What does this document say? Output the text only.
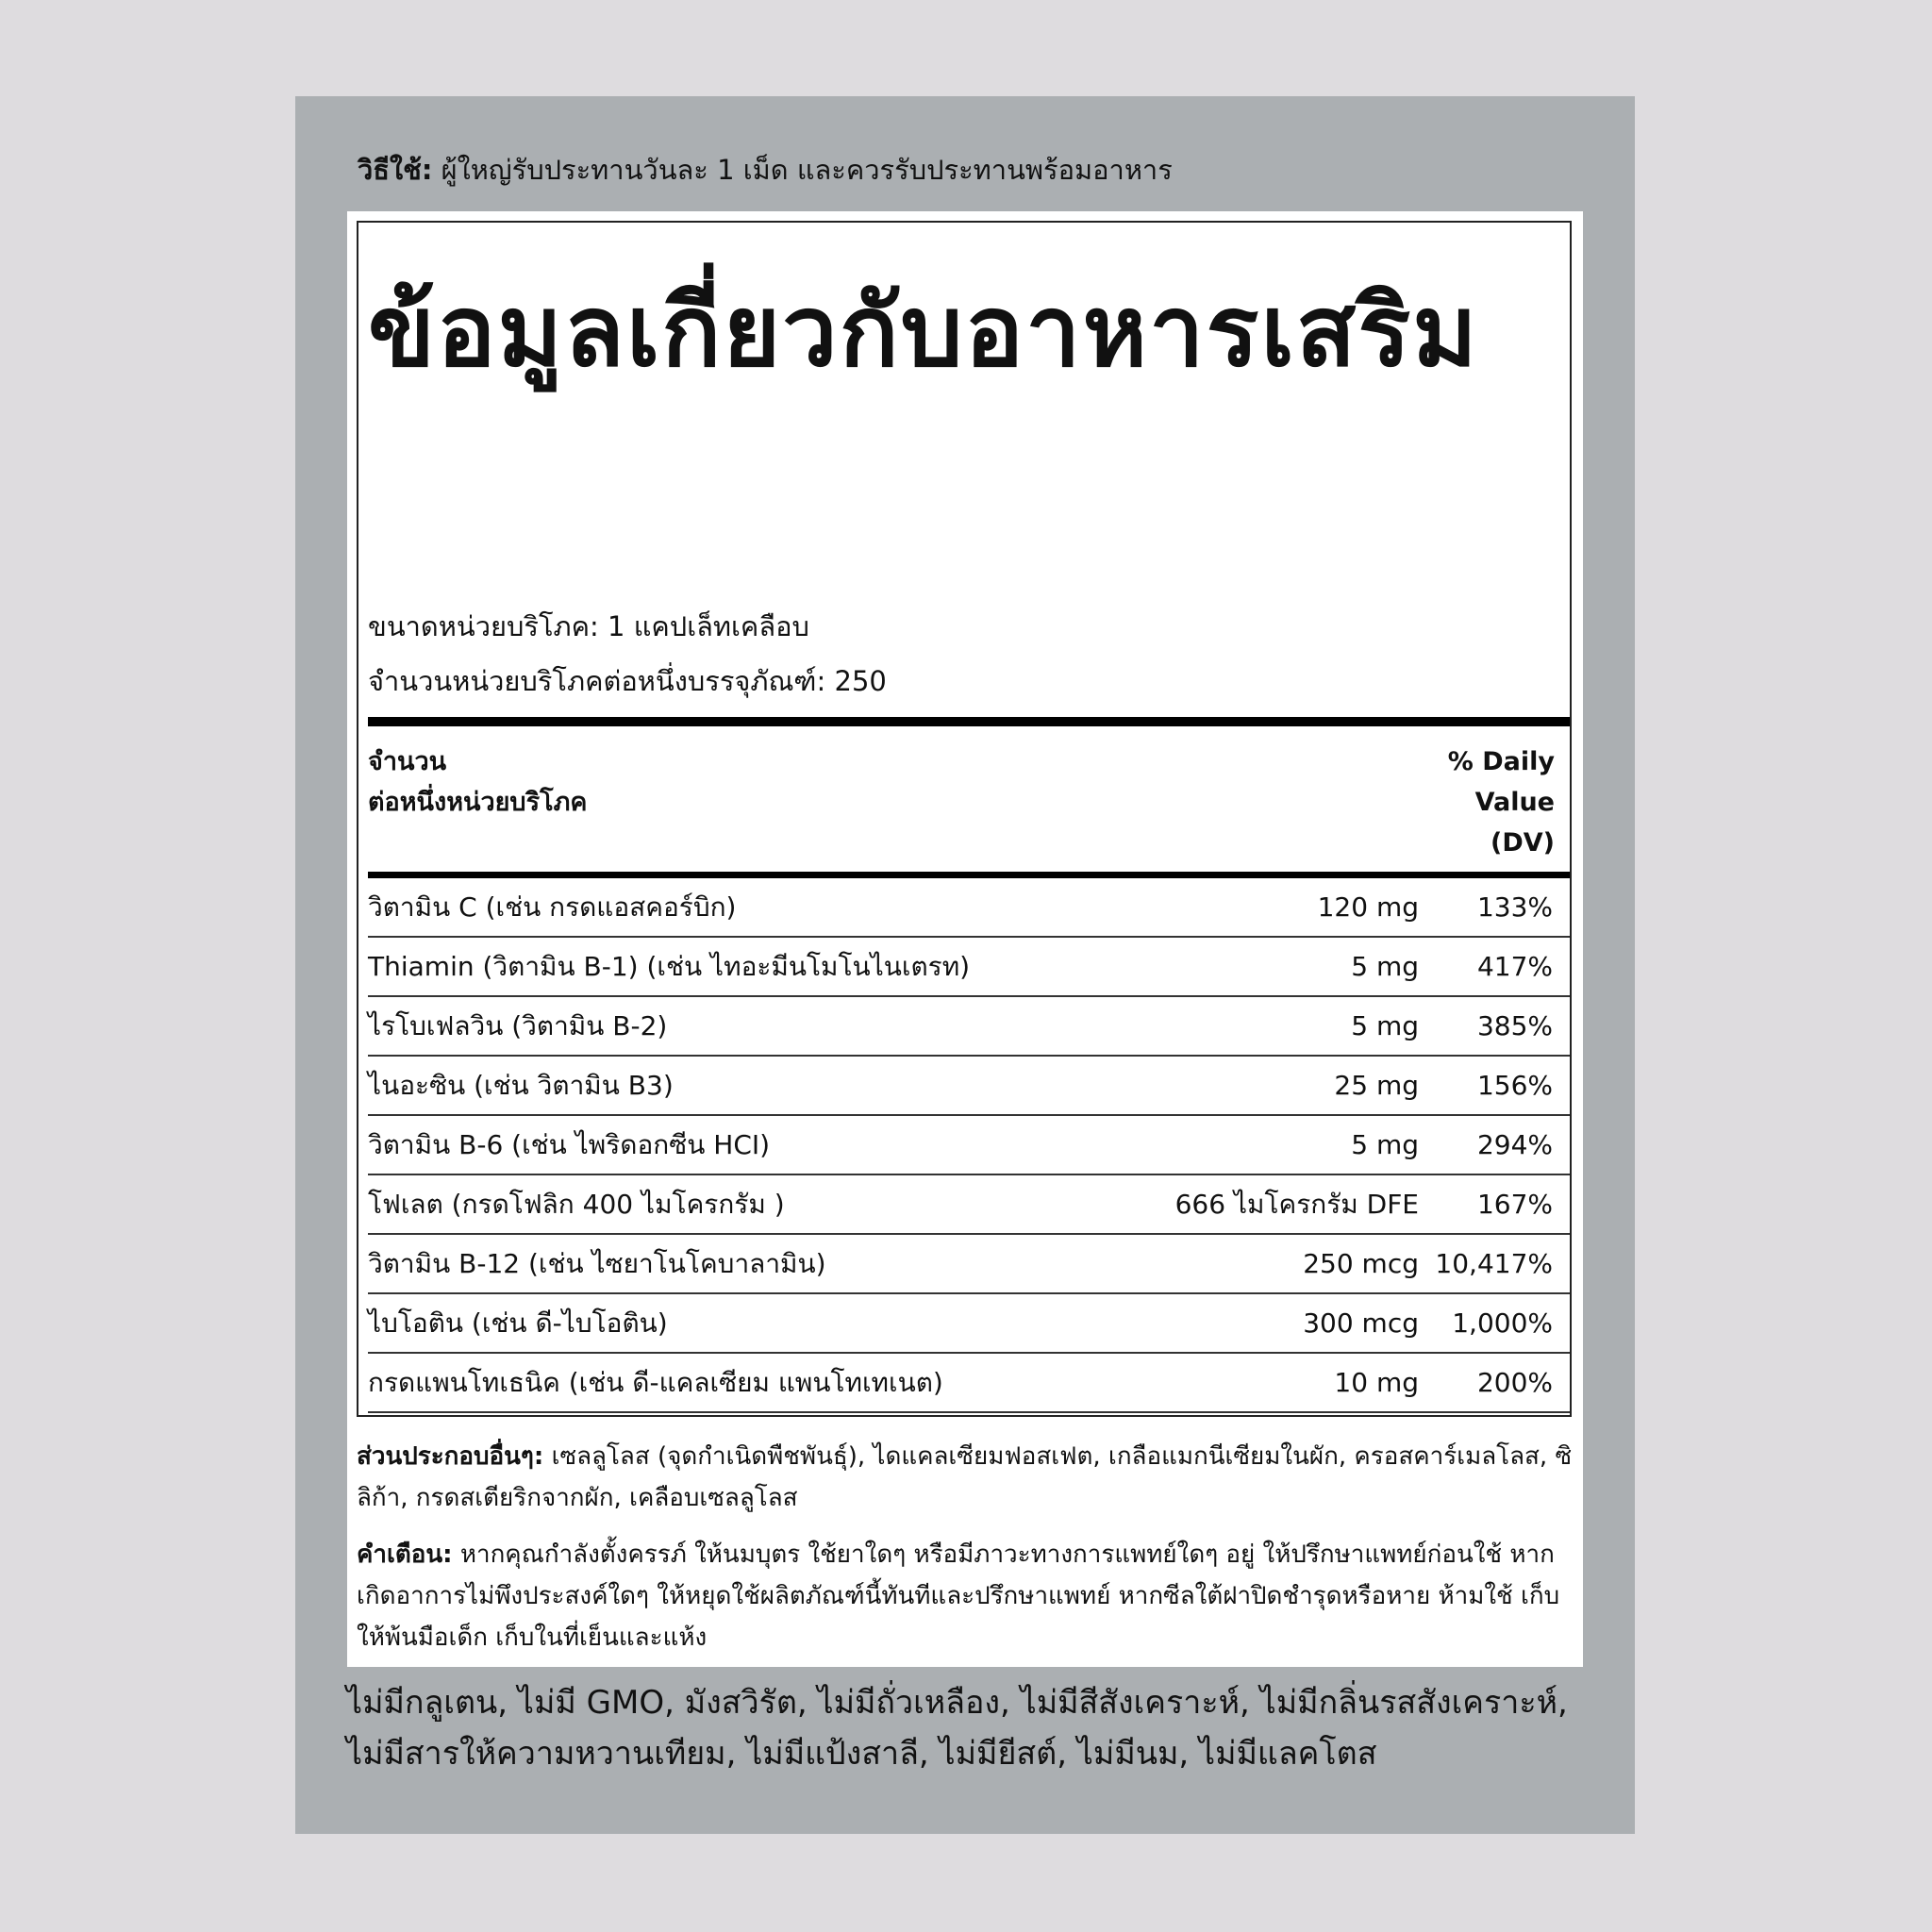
วิธีใช้: ผู้ใหญ่รับประทานวันละ 1 เม็ด และควรรับประทานพร้อมอาหาร
ข้อมูลเกี่ยวกับอาหารเสริม
ขนาดหน่วยบริโภค: 1 แคปเล็ทเคลือบ
จำนวนหน่วยบริโภคต่อหนึ่งบรรจุภัณฑ์: 250
จำนวน
ต่อหนึ่งหน่วยบริโภค
% Daily
Value
(DV)
วิตามิน C (เช่น กรดแอสคอร์บิก)	120 mg 133%
Thiamin (วิตามิน B-1) (เช่น ไทอะมีนโมโนไนเตรท)	5 mg 417%
ไรโบเฟลวิน (วิตามิน B-2)	5 mg 385%
ไนอะซิน (เช่น วิตามิน B3)	25 mg 156%
วิตามิน B-6 (เช่น ไพริดอกซีน HCI)	5 mg 294%
โฟเลต (กรดโฟลิก 400 ไมโครกรัม )	666 ไมโครกรัม DFE 167%
วิตามิน B-12 (เช่น ไซยาโนโคบาลามิน)	250 mcg 10,417%
ไบโอติน (เช่น ดี-ไบโอติน)	300 mcg 1,000%
กรดแพนโทเธนิค (เช่น ดี-แคลเซียม แพนโทเทเนต)	10 mg 200%
ส่วนประกอบอื่นๆ: เซลลูโลส (จุดกำเนิดพืชพันธุ์), ไดแคลเซียมฟอสเฟต, เกลือแมกนีเซียมในผัก, ครอสคาร์เมลโลส, ซิลิก้า, กรดสเตียริกจากผัก, เคลือบเซลลูโลส
คำเตือน: หากคุณกำลังตั้งครรภ์ ให้นมบุตร ใช้ยาใดๆ หรือมีภาวะทางการแพทย์ใดๆ อยู่ ให้ปรึกษาแพทย์ก่อนใช้ หากเกิดอาการไม่พึงประสงค์ใดๆ ให้หยุดใช้ผลิตภัณฑ์นี้ทันทีและปรึกษาแพทย์ หากซีลใต้ฝาปิดชำรุดหรือหาย ห้ามใช้ เก็บให้พ้นมือเด็ก เก็บในที่เย็นและแห้ง
ไม่มีกลูเตน, ไม่มี GMO, มังสวิรัต, ไม่มีถั่วเหลือง, ไม่มีสีสังเคราะห์, ไม่มีกลิ่นรสสังเคราะห์, ไม่มีสารให้ความหวานเทียม, ไม่มีแป้งสาลี, ไม่มียีสต์, ไม่มีนม, ไม่มีแลคโตส
